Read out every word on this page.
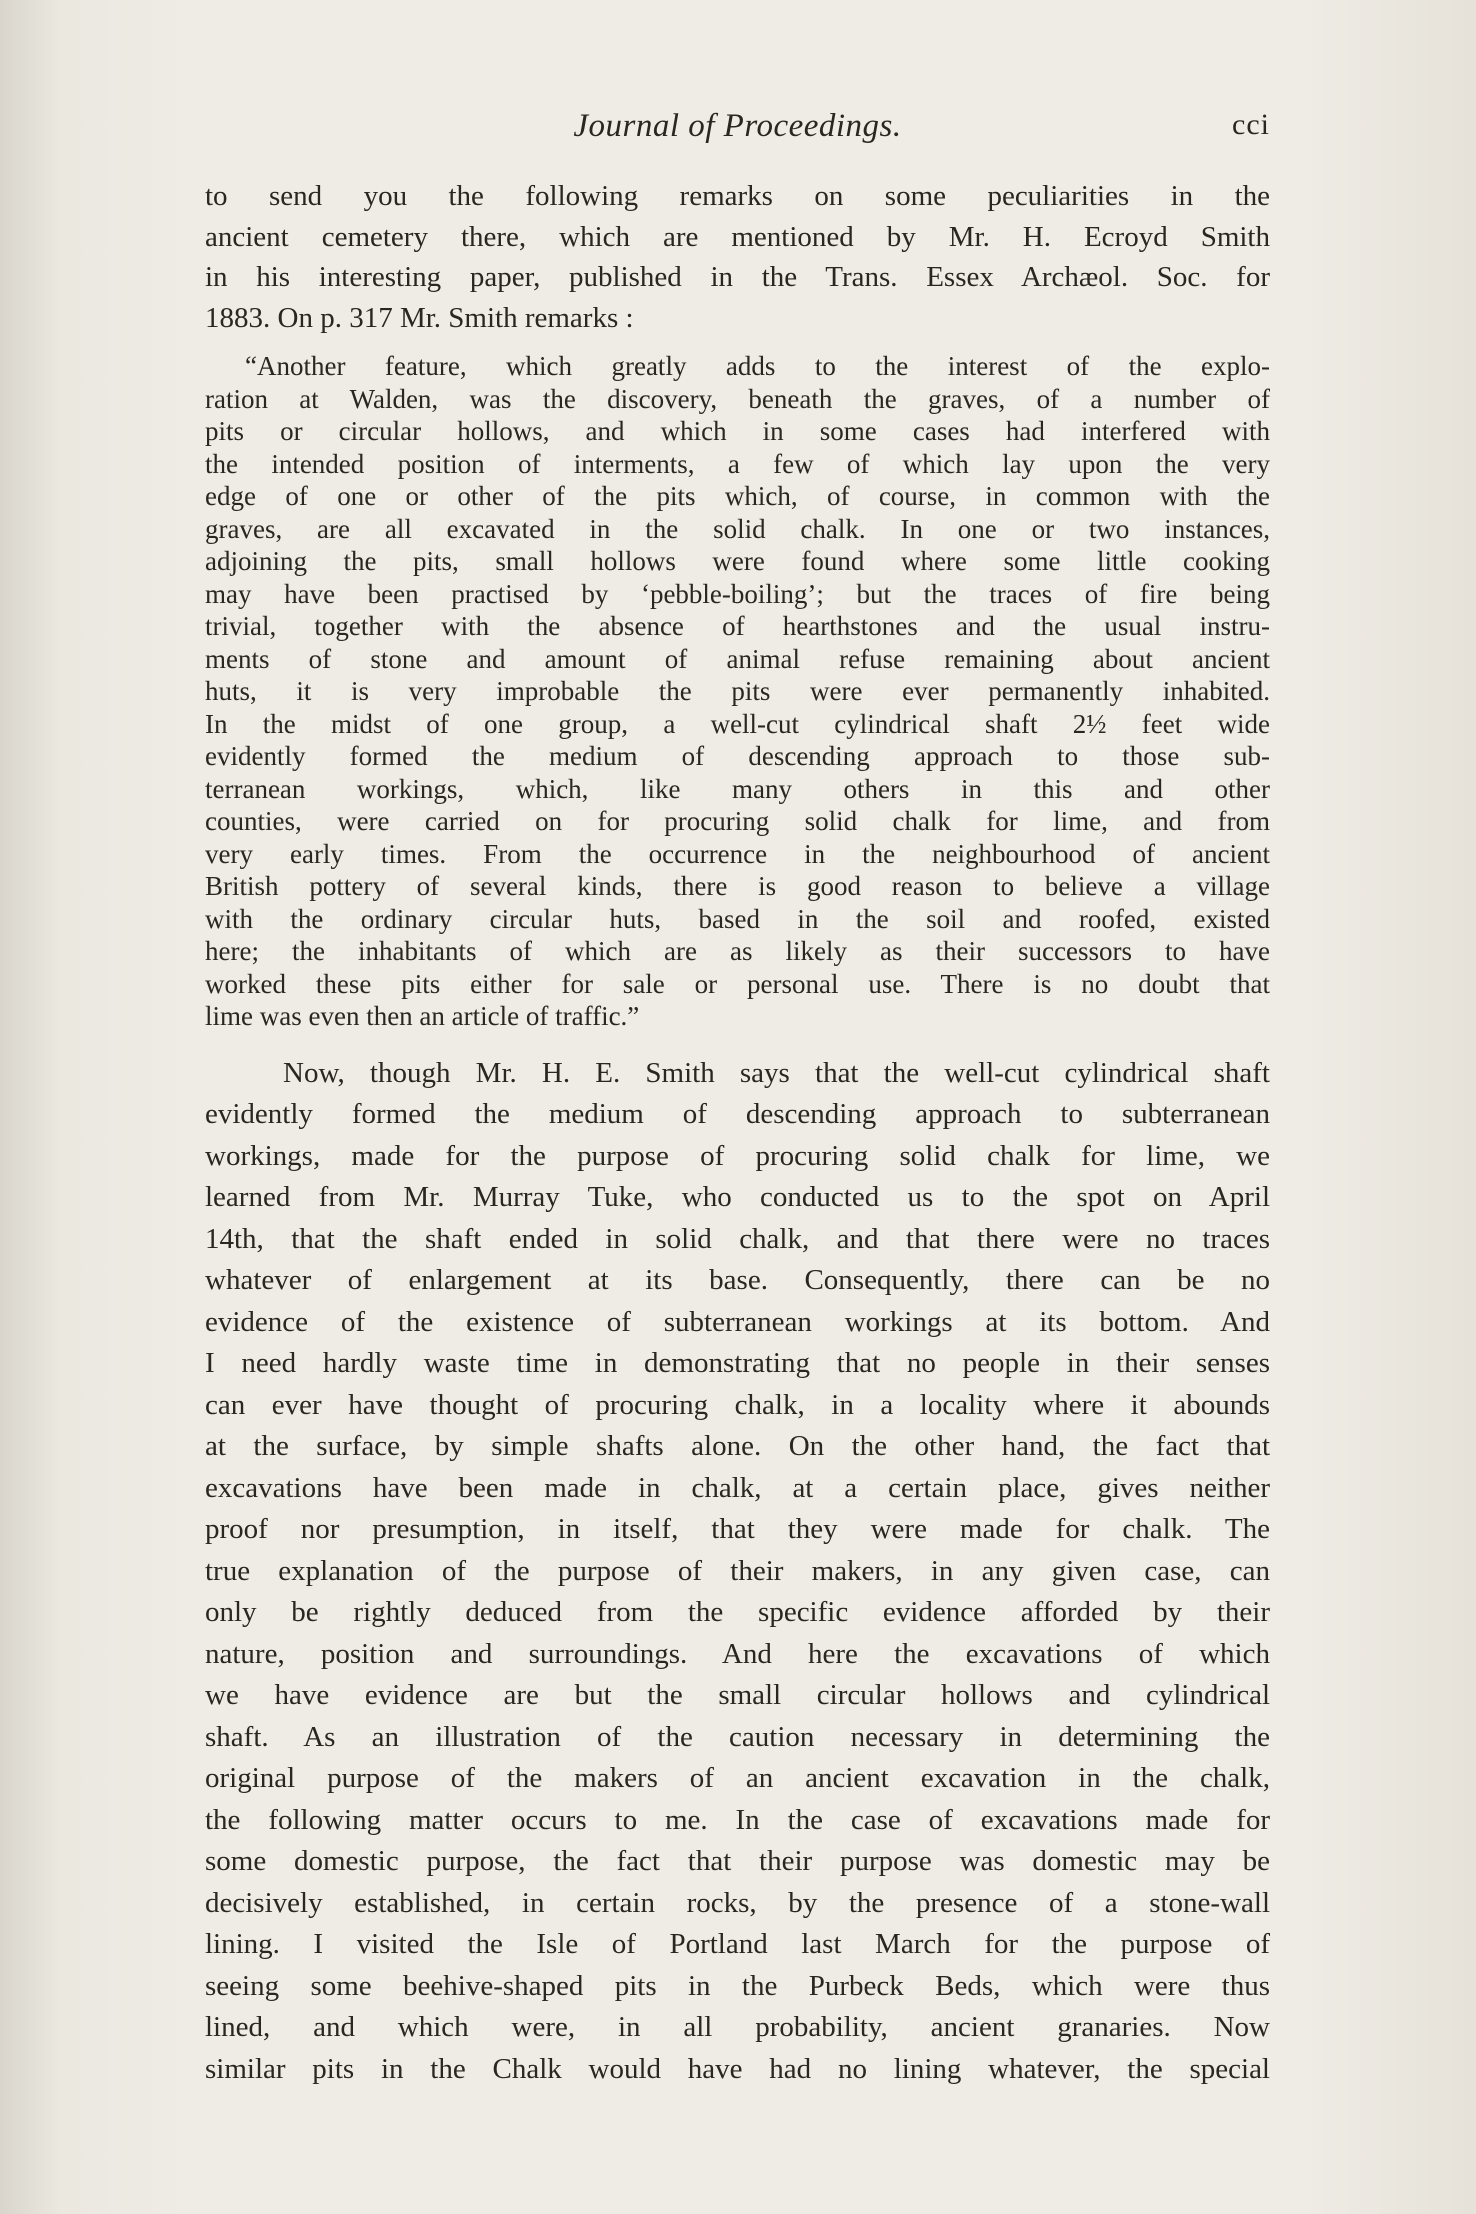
Journal of Proceedings.	cci
to send you the following remarks on some peculiarities in the
ancient cemetery there, which are mentioned by Mr. H. Ecroyd Smith
in his interesting paper, published in the Trans. Essex Archæol. Soc. for
1883. On p. 317 Mr. Smith remarks :
“Another feature, which greatly adds to the interest of the explo-
ration at Walden, was the discovery, beneath the graves, of a number of
pits or circular hollows, and which in some cases had interfered with
the intended position of interments, a few of which lay upon the very
edge of one or other of the pits which, of course, in common with the
graves, are all excavated in the solid chalk. In one or two instances,
adjoining the pits, small hollows were found where some little cooking
may have been practised by ‘pebble-boiling’; but the traces of fire being
trivial, together with the absence of hearthstones and the usual instru-
ments of stone and amount of animal refuse remaining about ancient
huts, it is very improbable the pits were ever permanently inhabited.
In the midst of one group, a well-cut cylindrical shaft 2½ feet wide
evidently formed the medium of descending approach to those sub-
terranean workings, which, like many others in this and other
counties, were carried on for procuring solid chalk for lime, and from
very early times. From the occurrence in the neighbourhood of ancient
British pottery of several kinds, there is good reason to believe a village
with the ordinary circular huts, based in the soil and roofed, existed
here; the inhabitants of which are as likely as their successors to have
worked these pits either for sale or personal use. There is no doubt that
lime was even then an article of traffic.”
Now, though Mr. H. E. Smith says that the well-cut cylindrical shaft
evidently formed the medium of descending approach to subterranean
workings, made for the purpose of procuring solid chalk for lime, we
learned from Mr. Murray Tuke, who conducted us to the spot on April
14th, that the shaft ended in solid chalk, and that there were no traces
whatever of enlargement at its base. Consequently, there can be no
evidence of the existence of subterranean workings at its bottom. And
I need hardly waste time in demonstrating that no people in their senses
can ever have thought of procuring chalk, in a locality where it abounds
at the surface, by simple shafts alone. On the other hand, the fact that
excavations have been made in chalk, at a certain place, gives neither
proof nor presumption, in itself, that they were made for chalk. The
true explanation of the purpose of their makers, in any given case, can
only be rightly deduced from the specific evidence afforded by their
nature, position and surroundings. And here the excavations of which
we have evidence are but the small circular hollows and cylindrical
shaft. As an illustration of the caution necessary in determining the
original purpose of the makers of an ancient excavation in the chalk,
the following matter occurs to me. In the case of excavations made for
some domestic purpose, the fact that their purpose was domestic may be
decisively established, in certain rocks, by the presence of a stone-wall
lining. I visited the Isle of Portland last March for the purpose of
seeing some beehive-shaped pits in the Purbeck Beds, which were thus
lined, and which were, in all probability, ancient granaries. Now
similar pits in the Chalk would have had no lining whatever, the special
